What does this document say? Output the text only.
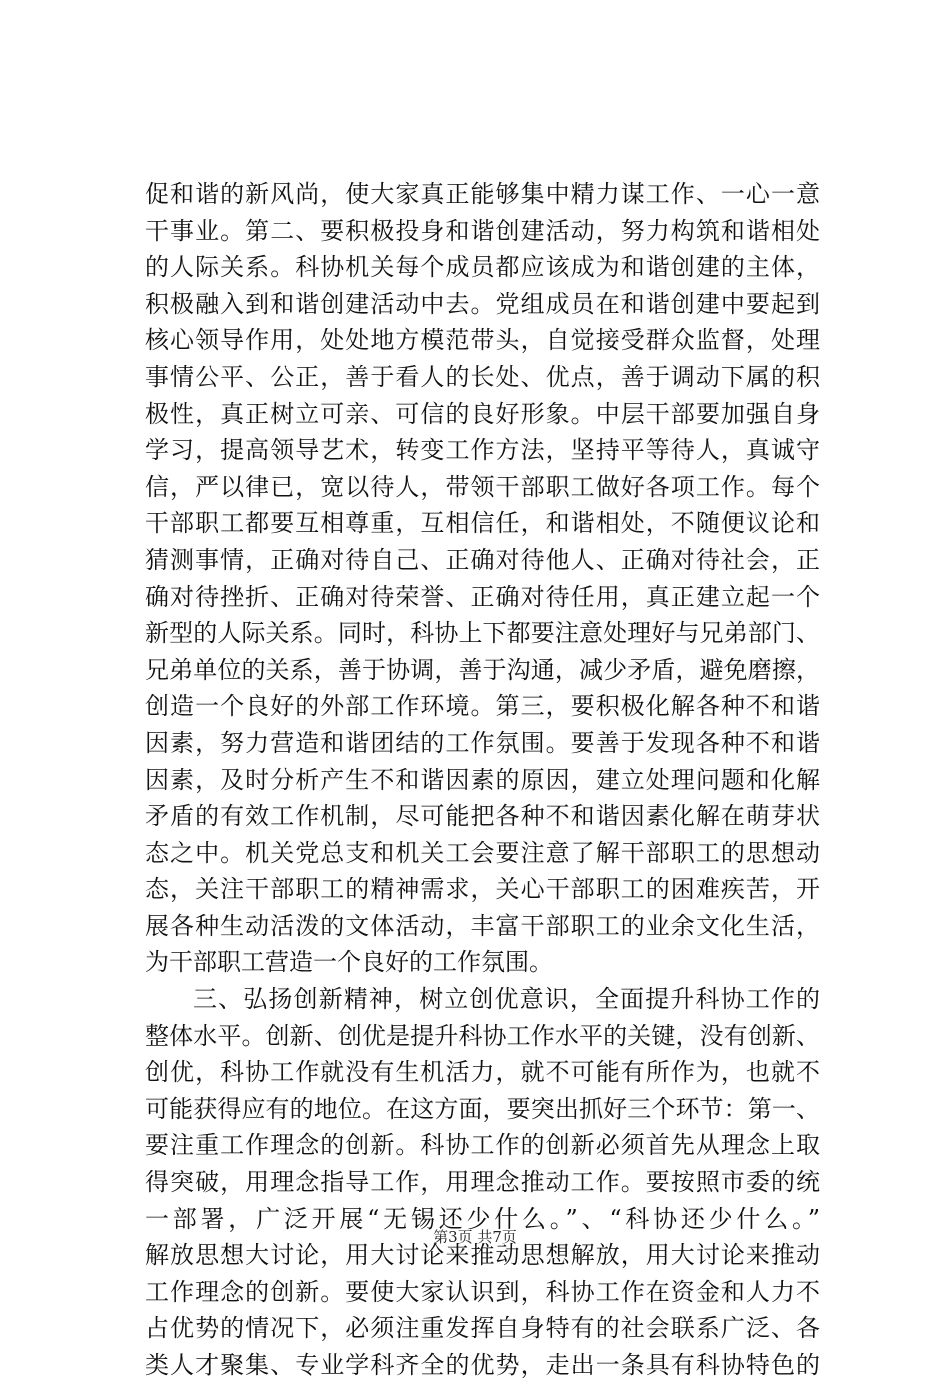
促和谐的新风尚，使大家真正能够集中精力谋工作、一心一意
干事业。第二、要积极投身和谐创建活动，努力构筑和谐相处
的人际关系。科协机关每个成员都应该成为和谐创建的主体，
积极融入到和谐创建活动中去。党组成员在和谐创建中要起到
核心领导作用，处处地方模范带头，自觉接受群众监督，处理
事情公平、公正，善于看人的长处、优点，善于调动下属的积
极性，真正树立可亲、可信的良好形象。中层干部要加强自身
学习，提高领导艺术，转变工作方法，坚持平等待人，真诚守
信，严以律已，宽以待人，带领干部职工做好各项工作。每个
干部职工都要互相尊重，互相信任，和谐相处，不随便议论和
猜测事情，正确对待自己、正确对待他人、正确对待社会，正
确对待挫折、正确对待荣誉、正确对待任用，真正建立起一个
新型的人际关系。同时，科协上下都要注意处理好与兄弟部门、
兄弟单位的关系，善于协调，善于沟通，减少矛盾，避免磨擦，
创造一个良好的外部工作环境。第三，要积极化解各种不和谐
因素，努力营造和谐团结的工作氛围。要善于发现各种不和谐
因素，及时分析产生不和谐因素的原因，建立处理问题和化解
矛盾的有效工作机制，尽可能把各种不和谐因素化解在萌芽状
态之中。机关党总支和机关工会要注意了解干部职工的思想动
态，关注干部职工的精神需求，关心干部职工的困难疾苦，开
展各种生动活泼的文体活动，丰富干部职工的业余文化生活，
为干部职工营造一个良好的工作氛围。
三、弘扬创新精神，树立创优意识，全面提升科协工作的
整体水平。创新、创优是提升科协工作水平的关键，没有创新、
创优，科协工作就没有生机活力，就不可能有所作为，也就不
可能获得应有的地位。在这方面，要突出抓好三个环节：第一、
要注重工作理念的创新。科协工作的创新必须首先从理念上取
得突破，用理念指导工作，用理念推动工作。要按照市委的统
一部署，广泛开展“无锡还少什么。”、“科协还少什么。”
解放思想大讨论，用大讨论来推动思想解放，用大讨论来推动
工作理念的创新。要使大家认识到，科协工作在资金和人力不
占优势的情况下，必须注重发挥自身特有的社会联系广泛、各
类人才聚集、专业学科齐全的优势，走出一条具有科协特色的
第3页 共7页
